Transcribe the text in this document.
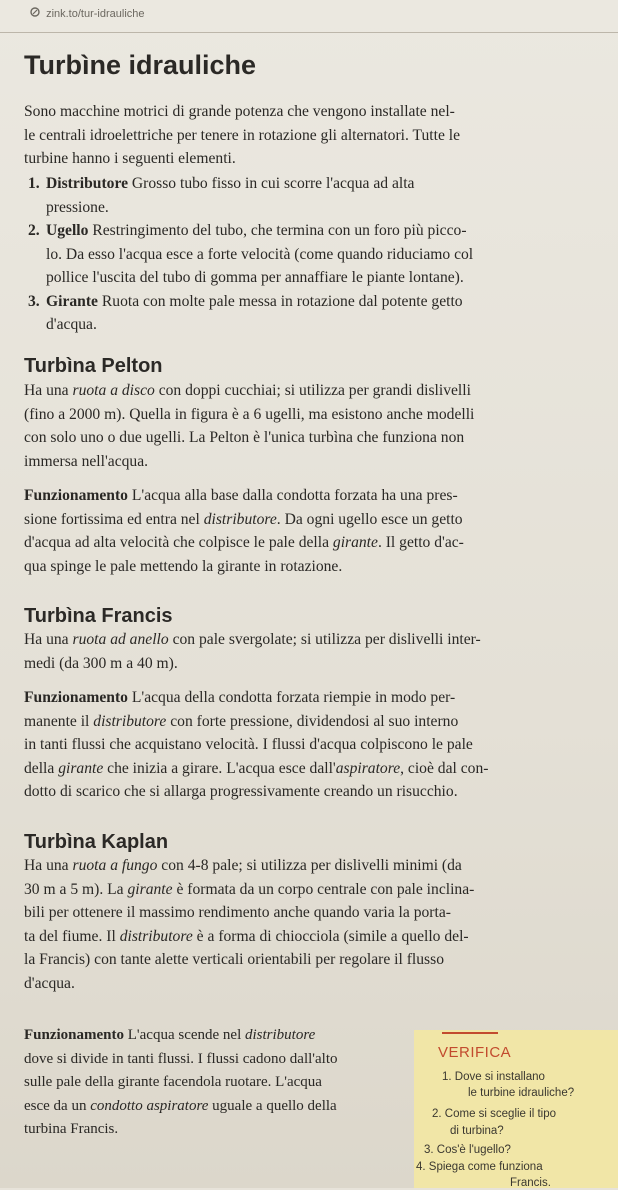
zink.to/tur-idrauliche
Turbìne idrauliche
Sono macchine motrici di grande potenza che vengono installate nel-
le centrali idroelettriche per tenere in rotazione gli alternatori. Tutte le
turbine hanno i seguenti elementi.
1. Distributore Grosso tubo fisso in cui scorre l'acqua ad alta
pressione.
2. Ugello Restringimento del tubo, che termina con un foro più picco-
lo. Da esso l'acqua esce a forte velocità (come quando riduciamo col
pollice l'uscita del tubo di gomma per annaffiare le piante lontane).
3. Girante Ruota con molte pale messa in rotazione dal potente getto
d'acqua.
Turbìna Pelton
Ha una ruota a disco con doppi cucchiai; si utilizza per grandi dislivelli
(fino a 2000 m). Quella in figura è a 6 ugelli, ma esistono anche modelli
con solo uno o due ugelli. La Pelton è l'unica turbìna che funziona non
immersa nell'acqua.
Funzionamento L'acqua alla base dalla condotta forzata ha una pres-
sione fortissima ed entra nel distributore. Da ogni ugello esce un getto
d'acqua ad alta velocità che colpisce le pale della girante. Il getto d'ac-
qua spinge le pale mettendo la girante in rotazione.
Turbìna Francis
Ha una ruota ad anello con pale svergolate; si utilizza per dislivelli inter-
medi (da 300 m a 40 m).
Funzionamento L'acqua della condotta forzata riempie in modo per-
manente il distributore con forte pressione, dividendosi al suo interno
in tanti flussi che acquistano velocità. I flussi d'acqua colpiscono le pale
della girante che inizia a girare. L'acqua esce dall'aspiratore, cioè dal con-
dotto di scarico che si allarga progressivamente creando un risucchio.
Turbìna Kaplan
Ha una ruota a fungo con 4-8 pale; si utilizza per dislivelli minimi (da
30 m a 5 m). La girante è formata da un corpo centrale con pale inclina-
bili per ottenere il massimo rendimento anche quando varia la porta-
ta del fiume. Il distributore è a forma di chiocciola (simile a quello del-
la Francis) con tante alette verticali orientabili per regolare il flusso
d'acqua.
Funzionamento L'acqua scende nel distributore
dove si divide in tanti flussi. I flussi cadono dall'alto
sulle pale della girante facendola ruotare. L'acqua
esce da un condotto aspiratore uguale a quello della
turbina Francis.
VERIFICA
1. Dove si installano
le turbine idrauliche?
2. Come si sceglie il tipo
di turbina?
3. Cos'è l'ugello?
4. Spiega come funziona
Francis.
